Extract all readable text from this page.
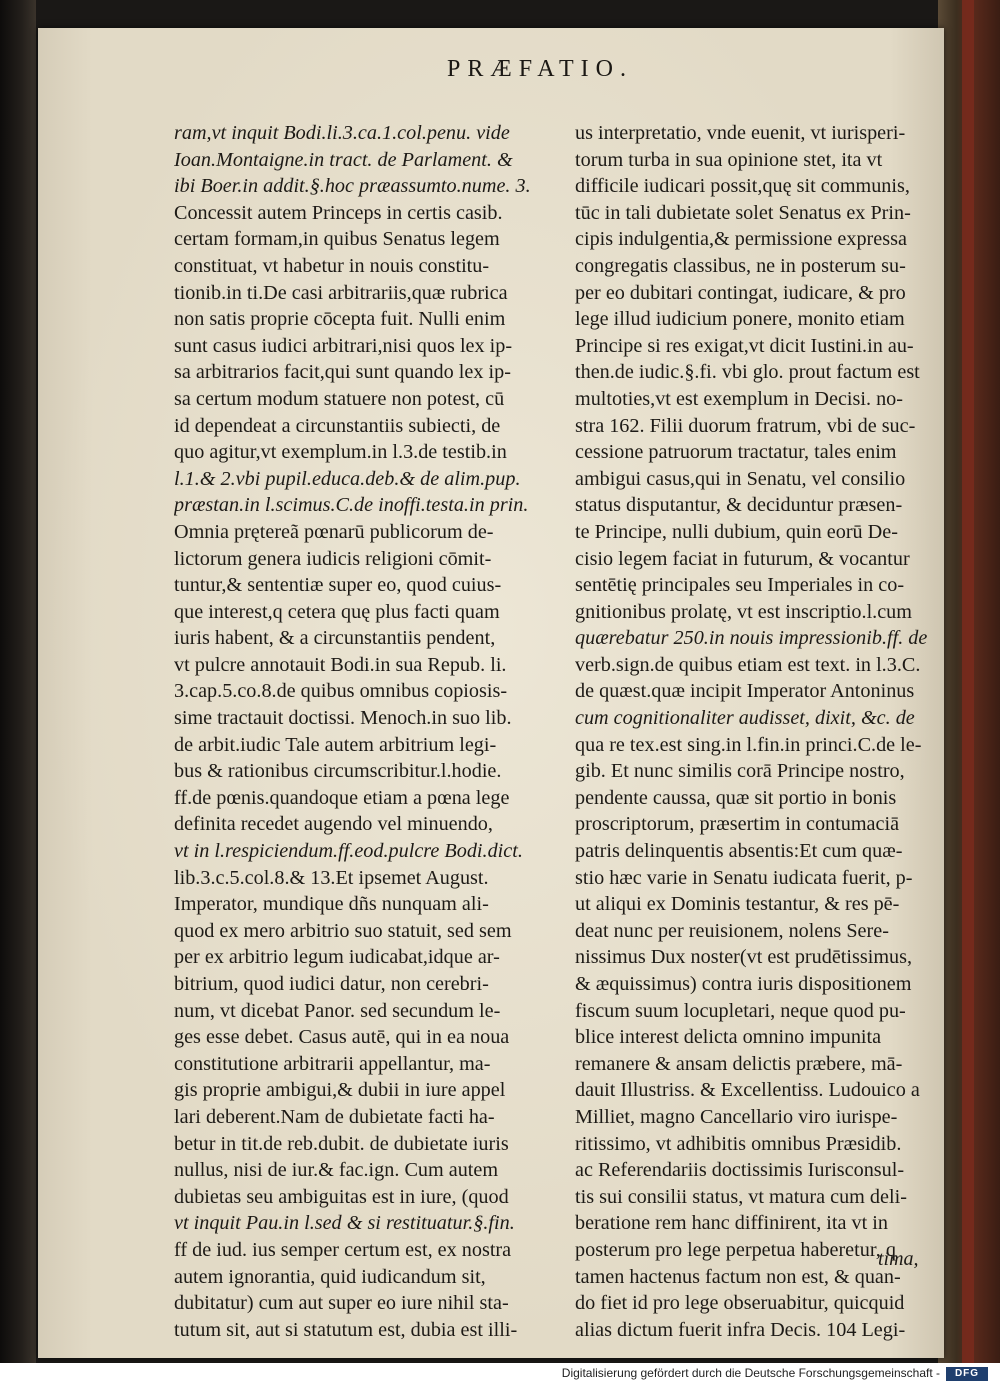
PRÆFATIO.
ram,vt inquit Bodi.li.3.ca.1.col.penu. vide
Ioan.Montaigne.in tract. de Parlament. &
ibi Boer.in addit.§.hoc præassumto.nume. 3.
Concessit autem Princeps in certis casib.
certam formam,in quibus Senatus legem
constituat, vt habetur in nouis constitu-
tionib.in ti.De casi arbitrariis,quæ rubrica
non satis proprie cōcepta fuit. Nulli enim
sunt casus iudici arbitrari,nisi quos lex ip-
sa arbitrarios facit,qui sunt quando lex ip-
sa certum modum statuere non potest, cū
id dependeat a circunstantiis subiecti, de
quo agitur,vt exemplum.in l.3.de testib.in
l.1.& 2.vbi pupil.educa.deb.& de alim.pup.
præstan.in l.scimus.C.de inoffi.testa.in prin.
Omnia prętereã pœnarū publicorum de-
lictorum genera iudicis religioni cōmit-
tuntur,& sententiæ super eo, quod cuius-
que interest,q cetera quę plus facti quam
iuris habent, & a circunstantiis pendent,
vt pulcre annotauit Bodi.in sua Repub. li.
3.cap.5.co.8.de quibus omnibus copiosis-
sime tractauit doctissi. Menoch.in suo lib.
de arbit.iudic Tale autem arbitrium legi-
bus & rationibus circumscribitur.l.hodie.
ff.de pœnis.quandoque etiam a pœna lege
definita recedet augendo vel minuendo,
vt in l.respiciendum.ff.eod.pulcre Bodi.dict.
lib.3.c.5.col.8.& 13.Et ipsemet August.
Imperator, mundique dñs nunquam ali-
quod ex mero arbitrio suo statuit, sed sem
per ex arbitrio legum iudicabat,idque ar-
bitrium, quod iudici datur, non cerebri-
num, vt dicebat Panor. sed secundum le-
ges esse debet. Casus autē, qui in ea noua
constitutione arbitrarii appellantur, ma-
gis proprie ambigui,& dubii in iure appel
lari deberent.Nam de dubietate facti ha-
betur in tit.de reb.dubit. de dubietate iuris
nullus, nisi de iur.& fac.ign. Cum autem
dubietas seu ambiguitas est in iure, (quod
vt inquit Pau.in l.sed & si restituatur.§.fin.
ff de iud. ius semper certum est, ex nostra
autem ignorantia, quid iudicandum sit,
dubitatur) cum aut super eo iure nihil sta-
tutum sit, aut si statutum est, dubia est illi-
us interpretatio, vnde euenit, vt iurisperi-
torum turba in sua opinione stet, ita vt
difficile iudicari possit,quę sit communis,
tūc in tali dubietate solet Senatus ex Prin-
cipis indulgentia,& permissione expressa
congregatis classibus, ne in posterum su-
per eo dubitari contingat, iudicare, & pro
lege illud iudicium ponere, monito etiam
Principe si res exigat,vt dicit Iustini.in au-
then.de iudic.§.fi. vbi glo. prout factum est
multoties,vt est exemplum in Decisi. no-
stra 162. Filii duorum fratrum, vbi de suc-
cessione patruorum tractatur, tales enim
ambigui casus,qui in Senatu, vel consilio
status disputantur, & deciduntur præsen-
te Principe, nulli dubium, quin eorū De-
cisio legem faciat in futurum, & vocantur
sentētię principales seu Imperiales in co-
gnitionibus prolatę, vt est inscriptio.l.cum
quærebatur 250.in nouis impressionib.ff. de
verb.sign.de quibus etiam est text. in l.3.C.
de quæst.quæ incipit Imperator Antoninus
cum cognitionaliter audisset, dixit, &c. de
qua re tex.est sing.in l.fin.in princi.C.de le-
gib. Et nunc similis corā Principe nostro,
pendente caussa, quæ sit portio in bonis
proscriptorum, præsertim in contumaciā
patris delinquentis absentis:Et cum quæ-
stio hæc varie in Senatu iudicata fuerit, p-
ut aliqui ex Dominis testantur, & res pē-
deat nunc per reuisionem, nolens Sere-
nissimus Dux noster(vt est prudētissimus,
& æquissimus) contra iuris dispositionem
fiscum suum locupletari, neque quod pu-
blice interest delicta omnino impunita
remanere & ansam delictis præbere, mā-
dauit Illustriss. & Excellentiss. Ludouico a
Milliet, magno Cancellario viro iurispe-
ritissimo, vt adhibitis omnibus Præsidib.
ac Referendariis doctissimis Iurisconsul-
tis sui consilii status, vt matura cum deli-
beratione rem hanc diffinirent, ita vt in
posterum pro lege perpetua haberetur, q
tamen hactenus factum non est, & quan-
do fiet id pro lege obseruabitur, quicquid
alias dictum fuerit infra Decis. 104 Legi-
tima,
Digitalisierung gefördert durch die Deutsche Forschungsgemeinschaft -	DFG
